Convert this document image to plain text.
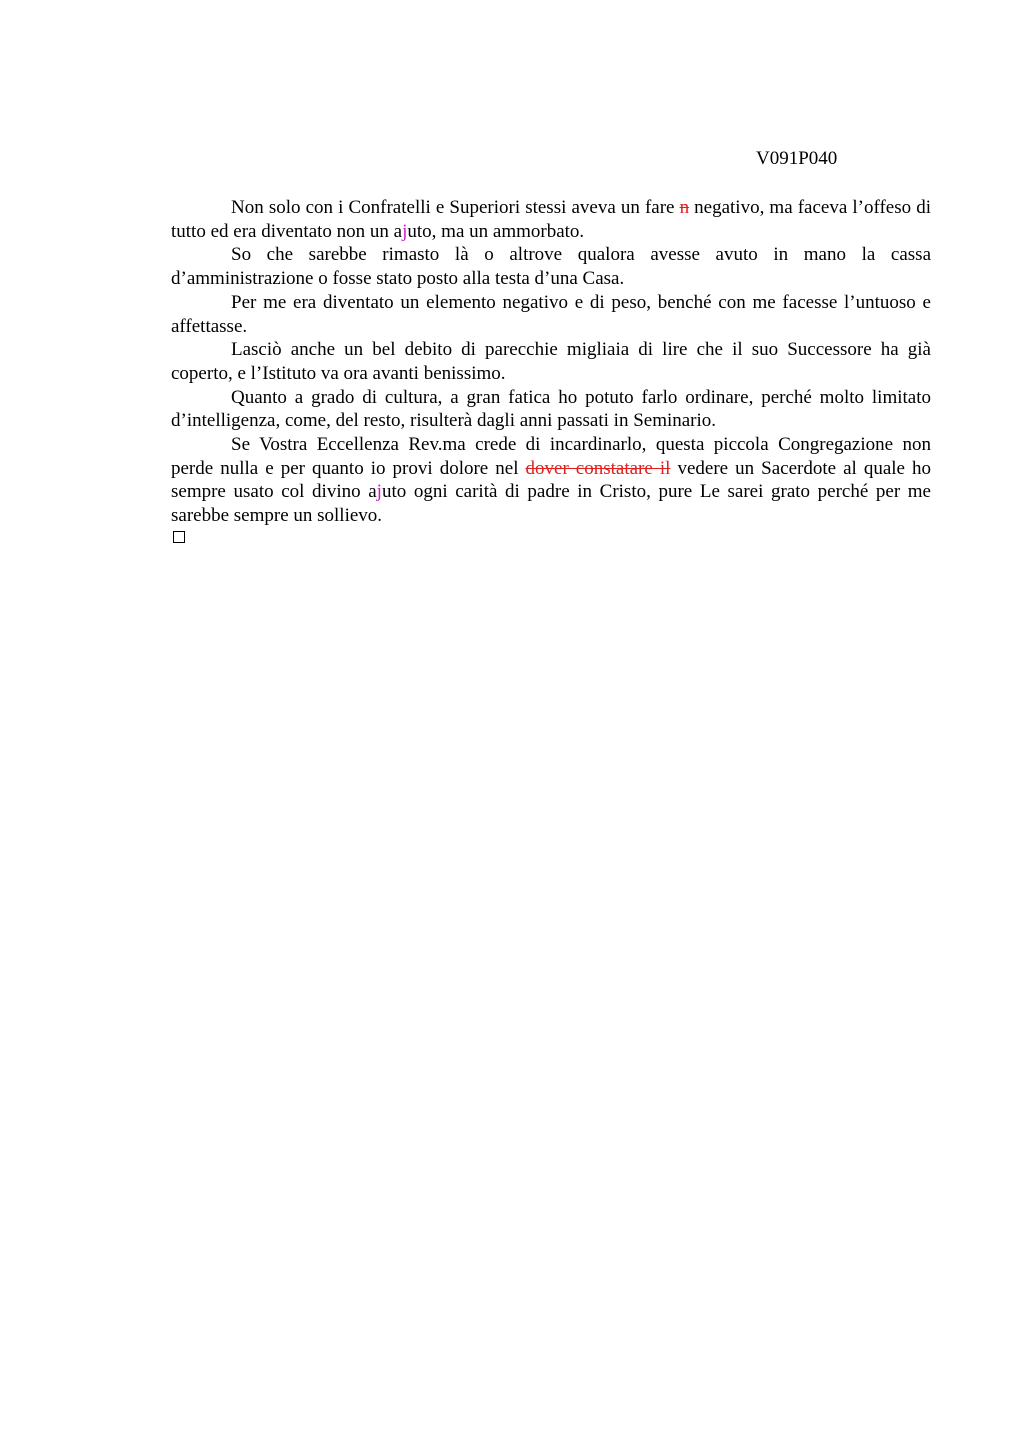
V091P040

Non solo con i Confratelli e Superiori stessi aveva un fare n negativo, ma faceva l’offeso di tutto ed era diventato non un ajuto, ma un ammorbato.

So che sarebbe rimasto là o altrove qualora avesse avuto in mano la cassa d’amministrazione o fosse stato posto alla testa d’una Casa.

Per me era diventato un elemento negativo e di peso, benché con me facesse l’untuoso e affettasse.

Lasciò anche un bel debito di parecchie migliaia di lire che il suo Successore ha già coperto, e l’Istituto va ora avanti benissimo.

Quanto a grado di cultura, a gran fatica ho potuto farlo ordinare, perché molto limitato d’intelligenza, come, del resto, risulterà dagli anni passati in Seminario.

Se Vostra Eccellenza Rev.ma crede di incardinarlo, questa piccola Congregazione non perde nulla e per quanto io provi dolore nel dover constatare il vedere un Sacerdote al quale ho sempre usato col divino ajuto ogni carità di padre in Cristo, pure Le sarei grato perché per me sarebbe sempre un sollievo.
